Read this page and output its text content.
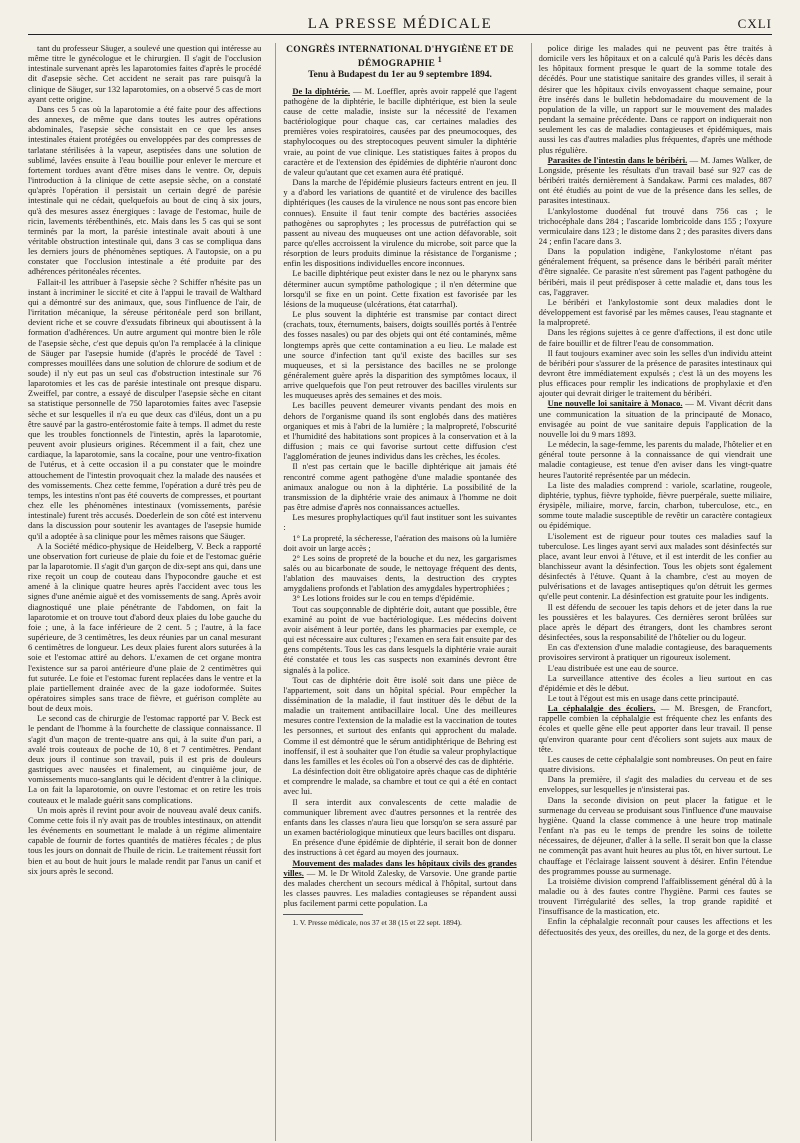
LA PRESSE MÉDICALE	CXLI

tant du professeur Säuger, a soulevé une question qui intéresse au même titre le gynécologue et le chirurgien. Il s'agit de l'occlusion intestinale survenant après les laparotomies faites d'après le procédé dit d'asepsie sèche. Cet accident ne serait pas rare puisqu'à la clinique de Säuger, sur 132 laparotomies, on a observé 5 cas de mort ayant cette origine.

Dans ces 5 cas où la laparotomie a été faite pour des affections des annexes, de même que dans toutes les autres opérations abdominales, l'asepsie sèche consistait en ce que les anses intestinales étaient protégées ou enveloppées par des compresses de tarlatane stérilisées à la vapeur, aseptisées dans une solution de sublimé, lavées ensuite à l'eau bouillie pour enlever le mercure et fortement tordues avant d'être mises dans le ventre. Or, depuis l'introduction à la clinique de cette asepsie sèche, on a constaté qu'après l'opération il persistait un certain degré de parésie intestinale qui ne cédait, quelquefois au bout de cinq à six jours, qu'à des mesures assez énergiques : lavage de l'estomac, huile de ricin, lavements térébenthinés, etc. Mais dans les 5 cas qui se sont terminés par la mort, la parésie intestinale avait abouti à une véritable obstruction intestinale qui, dans 3 cas se compliqua dans les derniers jours de phénomènes septiques. A l'autopsie, on a pu constater que l'occlusion intestinale a été produite par des adhérences péritonéales récentes.

Fallait-il les attribuer à l'asepsie sèche ? Schiffer n'hésite pas un instant à incriminer le siccité et cite à l'appui le travail de Walthard qui a démontré sur des animaux, que, sous l'influence de l'air, de l'irritation mécanique, la séreuse péritonéale perd son brillant, devient riche et se couvre d'exsudats fibrineux qui aboutissent à la formation d'adhérences. Un autre argument qui montre bien le rôle de l'asepsie sèche, c'est que depuis qu'on l'a remplacée à la clinique de Säuger par l'asepsie humide (d'après le procédé de Tavel : compresses mouillées dans une solution de chlorure de sodium et de soude) il n'y eut pas un seul cas d'obstruction intestinale sur 76 laparotomies et les cas de parésie intestinale ont presque disparu. Zweiffel, par contre, a essayé de disculper l'asepsie sèche en citant sa statistique personnelle de 750 laparotomies faites avec l'asepsie sèche et sur lesquelles il n'a eu que deux cas d'iléus, dont un a pu être sauvé par la gastro-entérostomie faite à temps. Il admet du reste que les troubles fonctionnels de l'intestin, après la laparotomie, peuvent avoir plusieurs origines. Récemment il a fait, chez une cardiaque, la laparotomie, sans la cocaïne, pour une ventro-fixation de l'utérus, et à cette occasion il a pu constater que le moindre attouchement de l'intestin provoquait chez la malade des nausées et des vomissements. Chez cette femme, l'opération a duré très peu de temps, les intestins n'ont pas été couverts de compresses, et pourtant chez elle les phénomènes intestinaux (vomissements, parésie intestinale) furent très accusés. Doederlein de son côté est intervenu dans la discussion pour soutenir les avantages de l'asepsie humide qu'il a adoptée à sa clinique pour les mêmes raisons que Säuger.

A la Société médico-physique de Heidelberg, V. Beck a rapporté une observation fort curieuse de plaie du foie et de l'estomac guérie par la laparotomie. Il s'agit d'un garçon de dix-sept ans qui, dans une rixe reçoit un coup de couteau dans l'hypocondre gauche et est amené à la clinique quatre heures après l'accident avec tous les signes d'une anémie aiguë et des vomissements de sang. Après avoir diagnostiqué une plaie pénétrante de l'abdomen, on fait la laparotomie et on trouve tout d'abord deux plaies du lobe gauche du foie ; une, à la face inférieure de 2 cent. 5 ; l'autre, à la face supérieure, de 3 centimètres, les deux réunies par un canal mesurant 6 centimètres de longueur. Les deux plaies furent alors suturées à la soie et l'estomac attiré au dehors. L'examen de cet organe montra l'existence sur sa paroi antérieure d'une plaie de 2 centimètres qui fut suturée. Le foie et l'estomac furent replacées dans le ventre et la plaie partiellement drainée avec de la gaze iodoformée. Suites opératoires simples sans trace de fièvre, et guérison complète au bout de deux mois.

Le second cas de chirurgie de l'estomac rapporté par V. Beck est le pendant de l'homme à la fourchette de classique connaissance. Il s'agit d'un maçon de trente-quatre ans qui, à la suite d'un pari, a avalé trois couteaux de poche de 10, 8 et 7 centimètres. Pendant deux jours il continue son travail, puis il est pris de douleurs gastriques avec nausées et finalement, au cinquième jour, de vomissements muco-sanglants qui le décident d'entrer à la clinique. La on fait la laparotomie, on ouvre l'estomac et on retire les trois couteaux et le malade guérit sans complications.

Un mois après il revint pour avoir de nouveau avalé deux canifs. Comme cette fois il n'y avait pas de troubles intestinaux, on attendit les événements en soumettant le malade à un régime alimentaire capable de fournir de fortes quantités de matières fécales ; de plus tous les jours on donnait de l'huile de ricin. Le traitement réussit fort bien et au bout de huit jours le malade rendit par l'anus un canif et six jours après le second.

CONGRÈS INTERNATIONAL D'HYGIÈNE ET DE DÉMOGRAPHIE $^1$
Tenu à Budapest du 1er au 9 septembre 1894.

De la diphtérie. — M. Loeffler, après avoir rappelé que l'agent pathogène de la diphtérie, le bacille diphtérique, est bien la seule cause de cette maladie, insiste sur la nécessité de l'examen bactériologique pour chaque cas, car certaines maladies des premières voies respiratoires, causées par des pneumocoques, des staphylocoques ou des streptocoques peuvent simuler la diphtérie vraie, au point de vue clinique. Les statistiques faites à propos du caractère et de l'extension des épidémies de diphtérie n'auront donc de valeur qu'autant que cet examen aura été pratiqué.

Dans la marche de l'épidémie plusieurs facteurs entrent en jeu. Il y a d'abord les variations de quantité et de virulence des bacilles diphtériques (les causes de la virulence ne nous sont pas encore bien connues). Ensuite il faut tenir compte des bactéries associées pathogènes ou saprophytes ; les processus de putréfaction qui se passent au niveau des muqueuses ont une action défavorable, soit parce qu'elles accroissent la virulence du microbe, soit parce que la résorption de leurs produits diminue la résistance de l'organisme ; enfin les dispositions individuelles encore inconnues.

Le bacille diphtérique peut exister dans le nez ou le pharynx sans déterminer aucun symptôme pathologique ; il n'en détermine que lorsqu'il se fixe en un point. Cette fixation est favorisée par les lésions de la muqueuse (ulcérations, état catarrhal).

Le plus souvent la diphtérie est transmise par contact direct (crachats, toux, éternuments, baisers, doigts souillés portés à l'entrée des fosses nasales) ou par des objets qui ont été contaminés, même longtemps après que cette contamination a eu lieu. Le malade est une source d'infection tant qu'il existe des bacilles sur ses muqueuses, et si la persistance des bacilles ne se prolonge généralement guère après la disparition des symptômes locaux, il arrive quelquefois que l'on peut retrouver des bacilles virulents sur les muqueuses après des semaines et des mois.

Les bacilles peuvent demeurer vivants pendant des mois en dehors de l'organisme quand ils sont englobés dans des matières organiques et mis à l'abri de la lumière ; la malpropreté, l'obscurité et l'humidité des habitations sont propices à la conservation et à la diffusion ; mais ce qui favorise surtout cette diffusion c'est l'agglomération de jeunes individus dans les crèches, les écoles.

Il n'est pas certain que le bacille diphtérique ait jamais été rencontré comme agent pathogène d'une maladie spontanée des animaux analogue ou non à la diphtérie. La possibilité de la transmission de la diphtérie vraie des animaux à l'homme ne doit pas être admise d'après nos connaissances actuelles.

Les mesures prophylactiques qu'il faut instituer sont les suivantes :

1° La propreté, la sécheresse, l'aération des maisons où la lumière doit avoir un large accès ;

2° Les soins de propreté de la bouche et du nez, les gargarismes salés ou au bicarbonate de soude, le nettoyage fréquent des dents, l'ablation des mauvaises dents, la destruction des cryptes amygdaliens profonds et l'ablation des amygdales hypertrophiées ;

3° Les lotions froides sur le cou en temps d'épidémie.

Tout cas soupçonnable de diphtérie doit, autant que possible, être examiné au point de vue bactériologique. Les médecins doivent avoir aisément à leur portée, dans les pharmacies par exemple, ce qui est nécessaire aux cultures ; l'examen en sera fait ensuite par des gens compétents. Tous les cas dans lesquels la diphtérie vraie aurait été constatée et tous les cas suspects non examinés devront être signalés à la police.

Tout cas de diphtérie doit être isolé soit dans une pièce de l'appartement, soit dans un hôpital spécial. Pour empêcher la dissémination de la maladie, il faut instituer dès le début de la maladie un traitement antibacillaire local. Une des meilleures mesures contre l'extension de la maladie est la vaccination de toutes les personnes, et surtout des enfants qui approchent du malade. Comme il est démontré que le sérum antidiphtérique de Behring est inoffensif, il est à souhaiter que l'on étudie sa valeur prophylactique dans les familles et les écoles où l'on a observé des cas de diphtérie.

La désinfection doit être obligatoire après chaque cas de diphtérie et comprendre le malade, sa chambre et tout ce qui a été en contact avec lui.

Il sera interdit aux convalescents de cette maladie de communiquer librement avec d'autres personnes et la rentrée des enfants dans les classes n'aura lieu que lorsqu'on se sera assuré par un examen bactériologique minutieux que leurs bacilles ont disparu.

En présence d'une épidémie de diphtérie, il serait bon de donner des instructions à cet égard au moyen des journaux.

Mouvement des malades dans les hôpitaux civils des grandes villes. — M. le Dr Witold Zalesky, de Varsovie. Une grande partie des malades cherchent un secours médical à l'hôpital, surtout dans les classes pauvres. Les maladies contagieuses se répandent aussi plus facilement parmi cette population. La

1. V. Presse médicale, nos 37 et 38 (15 et 22 sept. 1894).

police dirige les malades qui ne peuvent pas être traités à domicile vers les hôpitaux et on a calculé qu'à Paris les décès dans les hôpitaux forment presque le quart de la somme totale des décédés. Pour une statistique sanitaire des grandes villes, il serait à désirer que les hôpitaux civils envoyassent chaque semaine, pour être insérés dans le bulletin hebdomadaire du mouvement de la population de la ville, un rapport sur le mouvement des malades pendant la semaine précédente. Dans ce rapport on indiquerait non seulement les cas de maladies contagieuses et épidémiques, mais aussi les cas d'autres maladies plus fréquentes, d'après une méthode plus régulière.

Parasites de l'intestin dans le béribéri. — M. James Walker, de Longside, présente les résultats d'un travail basé sur 927 cas de béribéri traités dernièrement à Sandakaw. Parmi ces malades, 887 ont été étudiés au point de vue de la présence dans les selles, de parasites intestinaux.

L'ankylostome duodénal fut trouvé dans 756 cas ; le trichocéphale dans 284 ; l'ascaride lombricoïde dans 155 ; l'oxyure vermiculaire dans 123 ; le distome dans 2 ; des parasites divers dans 24 ; enfin l'acare dans 3.

Dans la population indigène, l'ankylostome n'étant pas généralement fréquent, sa présence dans le béribéri paraît mériter d'être signalée. Ce parasite n'est sûrement pas l'agent pathogène du béribéri, mais il peut prédisposer à cette maladie et, dans tous les cas, l'aggraver.

Le béribéri et l'ankylostomie sont deux maladies dont le développement est favorisé par les mêmes causes, l'eau stagnante et la malpropreté.

Dans les régions sujettes à ce genre d'affections, il est donc utile de faire bouillir et de filtrer l'eau de consommation.

Il faut toujours examiner avec soin les selles d'un individu atteint de béribéri pour s'assurer de la présence de parasites intestinaux qui devront être immédiatement expulsés ; c'est là un des moyens les plus efficaces pour remplir les indications de prophylaxie et d'en ajouter qui devrait diriger le traitement du béribéri.

Une nouvelle loi sanitaire à Monaco. — M. Vivant décrit dans une communication la situation de la principauté de Monaco, envisagée au point de vue sanitaire depuis l'application de la nouvelle loi du 9 mars 1893.

Le médecin, la sage-femme, les parents du malade, l'hôtelier et en général toute personne à la connaissance de qui viendrait une maladie contagieuse, est tenue d'en aviser dans les vingt-quatre heures l'autorité représentée par un médecin.

La liste des maladies comprend : variole, scarlatine, rougeole, diphtérie, typhus, fièvre typhoïde, fièvre puerpérale, suette miliaire, érysipèle, miliaire, morve, farcin, charbon, tuberculose, etc., en somme toute maladie susceptible de revêtir un caractère contagieux ou épidémique.

L'isolement est de rigueur pour toutes ces maladies sauf la tuberculose. Les linges ayant servi aux malades sont désinfectés sur place, avant leur envoi à l'étuve, et il est interdit de les confier au blanchisseur avant la désinfection. Tous les objets sont également désinfectés à l'étuve. Quant à la chambre, c'est au moyen de pulvérisations et de lavages antiseptiques qu'on détruit les germes qu'elle peut contenir. La désinfection est gratuite pour les indigents.

Il est défendu de secouer les tapis dehors et de jeter dans la rue les poussières et les balayures. Ces dernières seront brûlées sur place après le départ des étrangers, dont les chambres seront désinfectées, sous la responsabilité de l'hôtelier ou du logeur.

En cas d'extension d'une maladie contagieuse, des baraquements provisoires serviront à pratiquer un rigoureux isolement.

L'eau distribuée est une eau de source.

La surveillance attentive des écoles a lieu surtout en cas d'épidémie et dès le début.

Le tout à l'égout est mis en usage dans cette principauté.

La céphalalgie des écoliers. — M. Bresgen, de Francfort, rappelle combien la céphalalgie est fréquente chez les enfants des écoles et quelle gêne elle peut apporter dans leur travail. Il pense qu'environ quarante pour cent d'écoliers sont sujets aux maux de tête.

Les causes de cette céphalalgie sont nombreuses. On peut en faire quatre divisions.

Dans la première, il s'agit des maladies du cerveau et de ses enveloppes, sur lesquelles je n'insisterai pas.

Dans la seconde division on peut placer la fatigue et le surmenage du cerveau se produisant sous l'influence d'une mauvaise hygiène. Quand la classe commence à une heure trop matinale l'enfant n'a pas eu le temps de prendre les soins de toilette nécessaires, de déjeuner, d'aller à la selle. Il serait bon que la classe ne commençât pas avant huit heures au plus tôt, en hiver surtout. Le chauffage et l'éclairage laissent souvent à désirer. Enfin l'étendue des programmes pousse au surmenage.

La troisième division comprend l'affaiblissement général dû à la maladie ou à des fautes contre l'hygiène. Parmi ces fautes se trouvent l'irrégularité des selles, la trop grande rapidité et l'insuffisance de la mastication, etc.

Enfin la céphalalgie reconnaît pour causes les affections et les défectuosités des yeux, des oreilles, du nez, de la gorge et des dents.
